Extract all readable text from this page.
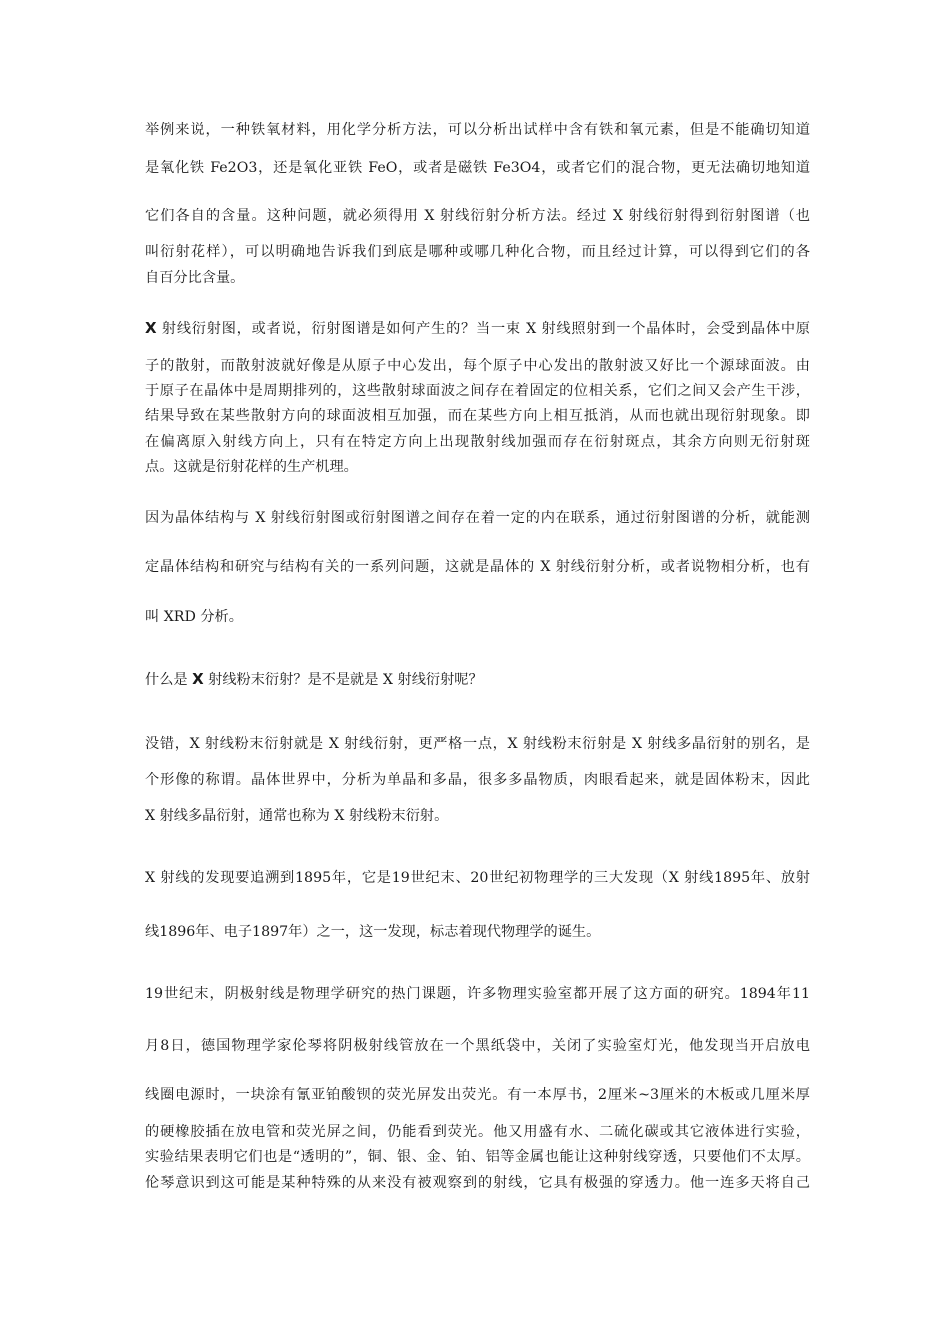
举例来说，一种铁氧材料，用化学分析方法，可以分析出试样中含有铁和氧元素，但是不能确切知道
是氧化铁 Fe2O3，还是氧化亚铁 FeO，或者是磁铁 Fe3O4，或者它们的混合物，更无法确切地知道
它们各自的含量。这种问题，就必须得用 X 射线衍射分析方法。经过 X 射线衍射得到衍射图谱（也
叫衍射花样），可以明确地告诉我们到底是哪种或哪几种化合物，而且经过计算，可以得到它们的各
自百分比含量。
X 射线衍射图，或者说，衍射图谱是如何产生的？当一束 X 射线照射到一个晶体时，会受到晶体中原
子的散射，而散射波就好像是从原子中心发出，每个原子中心发出的散射波又好比一个源球面波。由
于原子在晶体中是周期排列的，这些散射球面波之间存在着固定的位相关系，它们之间又会产生干涉，
结果导致在某些散射方向的球面波相互加强，而在某些方向上相互抵消，从而也就出现衍射现象。即
在偏离原入射线方向上，只有在特定方向上出现散射线加强而存在衍射斑点，其余方向则无衍射斑
点。这就是衍射花样的生产机理。
因为晶体结构与 X 射线衍射图或衍射图谱之间存在着一定的内在联系，通过衍射图谱的分析，就能测
定晶体结构和研究与结构有关的一系列问题，这就是晶体的 X 射线衍射分析，或者说物相分析，也有
叫 XRD 分析。
什么是 X 射线粉末衍射？是不是就是 X 射线衍射呢？
没错，X 射线粉末衍射就是 X 射线衍射，更严格一点，X 射线粉末衍射是 X 射线多晶衍射的别名，是
个形像的称谓。晶体世界中，分析为单晶和多晶，很多多晶物质，肉眼看起来，就是固体粉末，因此
X 射线多晶衍射，通常也称为 X 射线粉末衍射。
X 射线的发现要追溯到1895年，它是19世纪末、20世纪初物理学的三大发现（X 射线1895年、放射
线1896年、电子1897年）之一，这一发现，标志着现代物理学的诞生。
19世纪末，阴极射线是物理学研究的热门课题，许多物理实验室都开展了这方面的研究。1894年11
月8日，德国物理学家伦琴将阴极射线管放在一个黑纸袋中，关闭了实验室灯光，他发现当开启放电
线圈电源时，一块涂有氰亚铂酸钡的荧光屏发出荧光。有一本厚书，2厘米~3厘米的木板或几厘米厚
的硬橡胶插在放电管和荧光屏之间，仍能看到荧光。他又用盛有水、二硫化碳或其它液体进行实验，
实验结果表明它们也是“透明的”，铜、银、金、铂、铝等金属也能让这种射线穿透，只要他们不太厚。
伦琴意识到这可能是某种特殊的从来没有被观察到的射线，它具有极强的穿透力。他一连多天将自己
